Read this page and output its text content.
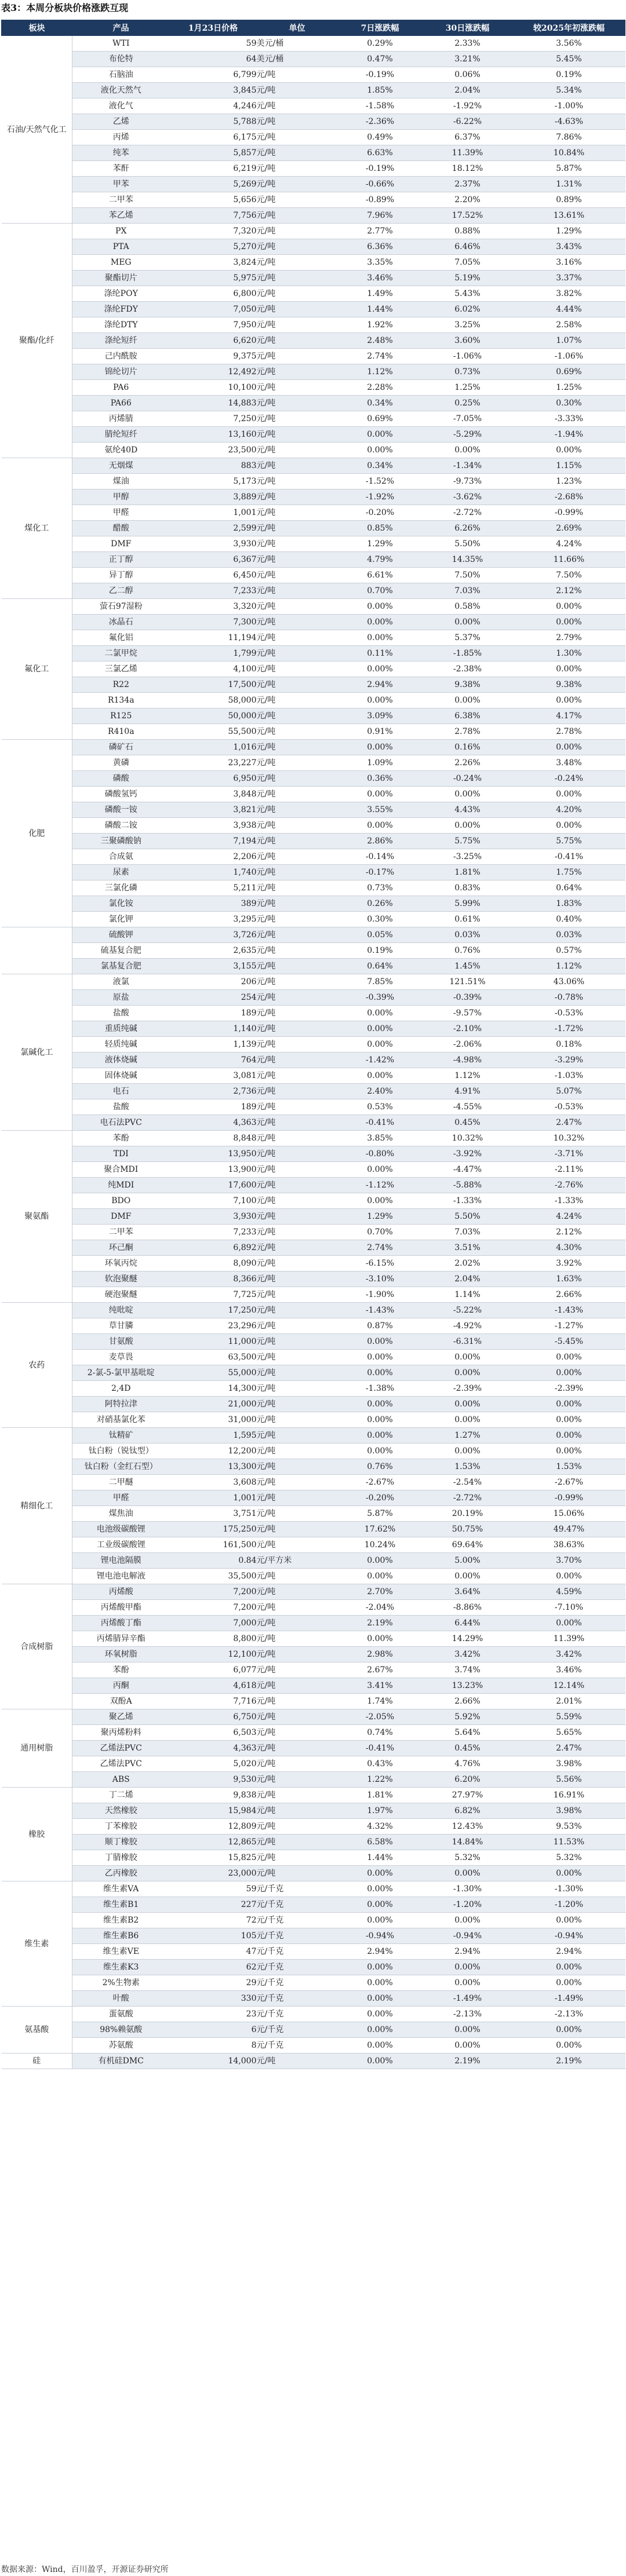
表3：本周分板块价格涨跌互现
板块	产品	1月23日价格	单位	7日涨跌幅	30日涨跌幅	较2025年初涨跌幅
石油/天然气化工	WTI	59	美元/桶	0.29%	2.33%	3.56%
	布伦特	64	美元/桶	0.47%	3.21%	5.45%
	石脑油	6,799	元/吨	-0.19%	0.06%	0.19%
	液化天然气	3,845	元/吨	1.85%	2.04%	5.34%
	液化气	4,246	元/吨	-1.58%	-1.92%	-1.00%
	乙烯	5,788	元/吨	-2.36%	-6.22%	-4.63%
	丙烯	6,175	元/吨	0.49%	6.37%	7.86%
	纯苯	5,857	元/吨	6.63%	11.39%	10.84%
	苯酐	6,219	元/吨	-0.19%	18.12%	5.87%
	甲苯	5,269	元/吨	-0.66%	2.37%	1.31%
	二甲苯	5,656	元/吨	-0.89%	2.20%	0.89%
	苯乙烯	7,756	元/吨	7.96%	17.52%	13.61%
聚酯/化纤	PX	7,320	元/吨	2.77%	0.88%	1.29%
	PTA	5,270	元/吨	6.36%	6.46%	3.43%
	MEG	3,824	元/吨	3.35%	7.05%	3.16%
	聚酯切片	5,975	元/吨	3.46%	5.19%	3.37%
	涤纶POY	6,800	元/吨	1.49%	5.43%	3.82%
	涤纶FDY	7,050	元/吨	1.44%	6.02%	4.44%
	涤纶DTY	7,950	元/吨	1.92%	3.25%	2.58%
	涤纶短纤	6,620	元/吨	2.48%	3.60%	1.07%
	己内酰胺	9,375	元/吨	2.74%	-1.06%	-1.06%
	锦纶切片	12,492	元/吨	1.12%	0.73%	0.69%
	PA6	10,100	元/吨	2.28%	1.25%	1.25%
	PA66	14,883	元/吨	0.34%	0.25%	0.30%
	丙烯腈	7,250	元/吨	0.69%	-7.05%	-3.33%
	腈纶短纤	13,160	元/吨	0.00%	-5.29%	-1.94%
	氨纶40D	23,500	元/吨	0.00%	0.00%	0.00%
煤化工	无烟煤	883	元/吨	0.34%	-1.34%	1.15%
	煤油	5,173	元/吨	-1.52%	-9.73%	1.23%
	甲醇	3,889	元/吨	-1.92%	-3.62%	-2.68%
	甲醛	1,001	元/吨	-0.20%	-2.72%	-0.99%
	醋酸	2,599	元/吨	0.85%	6.26%	2.69%
	DMF	3,930	元/吨	1.29%	5.50%	4.24%
	正丁醇	6,367	元/吨	4.79%	14.35%	11.66%
	异丁醇	6,450	元/吨	6.61%	7.50%	7.50%
	乙二醇	7,233	元/吨	0.70%	7.03%	2.12%
氟化工	萤石97湿粉	3,320	元/吨	0.00%	0.58%	0.00%
	冰晶石	7,300	元/吨	0.00%	0.00%	0.00%
	氟化铝	11,194	元/吨	0.00%	5.37%	2.79%
	二氯甲烷	1,799	元/吨	0.11%	-1.85%	1.30%
	三氯乙烯	4,100	元/吨	0.00%	-2.38%	0.00%
	R22	17,500	元/吨	2.94%	9.38%	9.38%
	R134a	58,000	元/吨	0.00%	0.00%	0.00%
	R125	50,000	元/吨	3.09%	6.38%	4.17%
	R410a	55,500	元/吨	0.91%	2.78%	2.78%
化肥	磷矿石	1,016	元/吨	0.00%	0.16%	0.00%
	黄磷	23,227	元/吨	1.09%	2.26%	3.48%
	磷酸	6,950	元/吨	0.36%	-0.24%	-0.24%
	磷酸氢钙	3,848	元/吨	0.00%	0.00%	0.00%
	磷酸一铵	3,821	元/吨	3.55%	4.43%	4.20%
	磷酸二铵	3,938	元/吨	0.00%	0.00%	0.00%
	三聚磷酸钠	7,194	元/吨	2.86%	5.75%	5.75%
	合成氨	2,206	元/吨	-0.14%	-3.25%	-0.41%
	尿素	1,740	元/吨	-0.17%	1.81%	1.75%
	三氯化磷	5,211	元/吨	0.73%	0.83%	0.64%
	氯化铵	389	元/吨	0.26%	5.99%	1.83%
	氯化钾	3,295	元/吨	0.30%	0.61%	0.40%
	硫酸钾	3,726	元/吨	0.05%	0.03%	0.03%
	硫基复合肥	2,635	元/吨	0.19%	0.76%	0.57%
	氯基复合肥	3,155	元/吨	0.64%	1.45%	1.12%
氯碱化工	液氯	206	元/吨	7.85%	121.51%	43.06%
	原盐	254	元/吨	-0.39%	-0.39%	-0.78%
	盐酸	189	元/吨	0.00%	-9.57%	-0.53%
	重质纯碱	1,140	元/吨	0.00%	-2.10%	-1.72%
	轻质纯碱	1,139	元/吨	0.00%	-2.06%	0.18%
	液体烧碱	764	元/吨	-1.42%	-4.98%	-3.29%
	固体烧碱	3,081	元/吨	0.00%	1.12%	-1.03%
	电石	2,736	元/吨	2.40%	4.91%	5.07%
	盐酸	189	元/吨	0.53%	-4.55%	-0.53%
	电石法PVC	4,363	元/吨	-0.41%	0.45%	2.47%
聚氨酯	苯酚	8,848	元/吨	3.85%	10.32%	10.32%
	TDI	13,950	元/吨	-0.80%	-3.92%	-3.71%
	聚合MDI	13,900	元/吨	0.00%	-4.47%	-2.11%
	纯MDI	17,600	元/吨	-1.12%	-5.88%	-2.76%
	BDO	7,100	元/吨	0.00%	-1.33%	-1.33%
	DMF	3,930	元/吨	1.29%	5.50%	4.24%
	二甲苯	7,233	元/吨	0.70%	7.03%	2.12%
	环己酮	6,892	元/吨	2.74%	3.51%	4.30%
	环氧丙烷	8,090	元/吨	-6.15%	2.02%	3.92%
	软泡聚醚	8,366	元/吨	-3.10%	2.04%	1.63%
	硬泡聚醚	7,725	元/吨	-1.90%	1.14%	2.66%
农药	纯吡啶	17,250	元/吨	-1.43%	-5.22%	-1.43%
	草甘膦	23,296	元/吨	0.87%	-4.92%	-1.27%
	甘氨酸	11,000	元/吨	0.00%	-6.31%	-5.45%
	麦草畏	63,500	元/吨	0.00%	0.00%	0.00%
	2-氯-5-氯甲基吡啶	55,000	元/吨	0.00%	0.00%	0.00%
	2,4D	14,300	元/吨	-1.38%	-2.39%	-2.39%
	阿特拉津	21,000	元/吨	0.00%	0.00%	0.00%
	对硝基氯化苯	31,000	元/吨	0.00%	0.00%	0.00%
精细化工	钛精矿	1,595	元/吨	0.00%	1.27%	0.00%
	钛白粉（锐钛型）	12,200	元/吨	0.00%	0.00%	0.00%
	钛白粉（金红石型）	13,300	元/吨	0.76%	1.53%	1.53%
	二甲醚	3,608	元/吨	-2.67%	-2.54%	-2.67%
	甲醛	1,001	元/吨	-0.20%	-2.72%	-0.99%
	煤焦油	3,751	元/吨	5.87%	20.19%	15.06%
	电池级碳酸锂	175,250	元/吨	17.62%	50.75%	49.47%
	工业级碳酸锂	161,500	元/吨	10.24%	69.64%	38.63%
	锂电池隔膜	0.84	元/平方米	0.00%	5.00%	3.70%
	锂电池电解液	35,500	元/吨	0.00%	0.00%	0.00%
合成树脂	丙烯酸	7,200	元/吨	2.70%	3.64%	4.59%
	丙烯酸甲酯	7,200	元/吨	-2.04%	-8.86%	-7.10%
	丙烯酸丁酯	7,000	元/吨	2.19%	6.44%	0.00%
	丙烯腈异辛酯	8,800	元/吨	0.00%	14.29%	11.39%
	环氧树脂	12,100	元/吨	2.98%	3.42%	3.42%
	苯酚	6,077	元/吨	2.67%	3.74%	3.46%
	丙酮	4,618	元/吨	3.41%	13.23%	12.14%
	双酚A	7,716	元/吨	1.74%	2.66%	2.01%
通用树脂	聚乙烯	6,750	元/吨	-2.05%	5.92%	5.59%
	聚丙烯粉料	6,503	元/吨	0.74%	5.64%	5.65%
	乙烯法PVC	4,363	元/吨	-0.41%	0.45%	2.47%
	乙烯法PVC	5,020	元/吨	0.43%	4.76%	3.98%
	ABS	9,530	元/吨	1.22%	6.20%	5.56%
橡胶	丁二烯	9,838	元/吨	1.81%	27.97%	16.91%
	天然橡胶	15,984	元/吨	1.97%	6.82%	3.98%
	丁苯橡胶	12,809	元/吨	4.32%	12.43%	9.53%
	顺丁橡胶	12,865	元/吨	6.58%	14.84%	11.53%
	丁腈橡胶	15,825	元/吨	1.44%	5.32%	5.32%
	乙丙橡胶	23,000	元/吨	0.00%	0.00%	0.00%
维生素	维生素VA	59	元/千克	0.00%	-1.30%	-1.30%
	维生素B1	227	元/千克	0.00%	-1.20%	-1.20%
	维生素B2	72	元/千克	0.00%	0.00%	0.00%
	维生素B6	105	元/千克	-0.94%	-0.94%	-0.94%
	维生素VE	47	元/千克	2.94%	2.94%	2.94%
	维生素K3	62	元/千克	0.00%	0.00%	0.00%
	2%生物素	29	元/千克	0.00%	0.00%	0.00%
	叶酸	330	元/千克	0.00%	-1.49%	-1.49%
氨基酸	蛋氨酸	23	元/千克	0.00%	-2.13%	-2.13%
	98%赖氨酸	6	元/千克	0.00%	0.00%	0.00%
	苏氨酸	8	元/千克	0.00%	0.00%	0.00%
硅	有机硅DMC	14,000	元/吨	0.00%	2.19%	2.19%
数据来源：Wind，百川盈孚，开源证券研究所
